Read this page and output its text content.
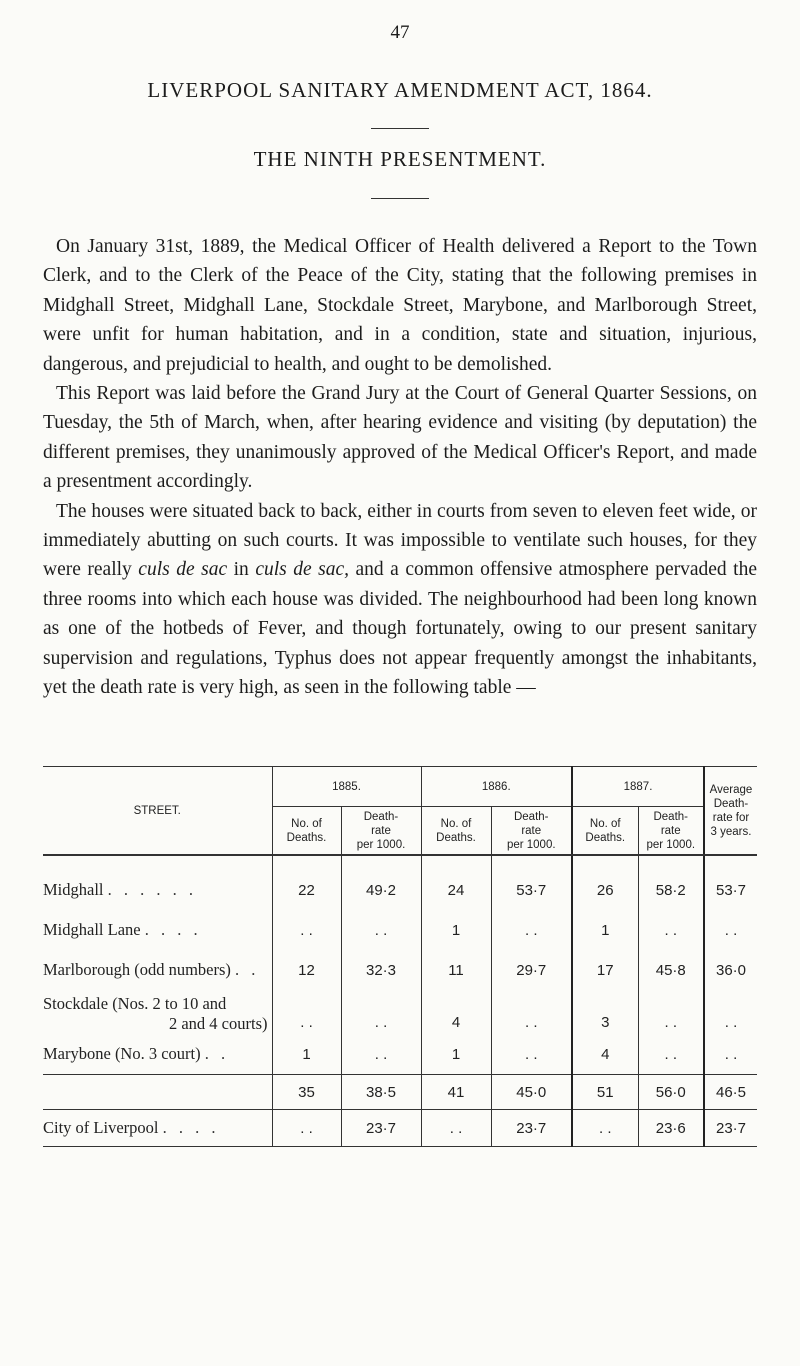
47
LIVERPOOL SANITARY AMENDMENT ACT, 1864.
THE NINTH PRESENTMENT.

On January 31st, 1889, the Medical Officer of Health delivered a Report to the Town Clerk, and to the Clerk of the Peace of the City, stating that the following premises in Midghall Street, Midghall Lane, Stockdale Street, Marybone, and Marlborough Street, were unfit for human habitation, and in a condition, state and situation, injurious, dangerous, and prejudicial to health, and ought to be demolished.

This Report was laid before the Grand Jury at the Court of General Quarter Sessions, on Tuesday, the 5th of March, when, after hearing evidence and visiting (by deputation) the different premises, they unanimously approved of the Medical Officer's Report, and made a presentment accordingly.

The houses were situated back to back, either in courts from seven to eleven feet wide, or immediately abutting on such courts. It was impossible to ventilate such houses, for they were really culs de sac in culs de sac, and a common offensive atmosphere pervaded the three rooms into which each house was divided. The neighbourhood had been long known as one of the hotbeds of Fever, and though fortunately, owing to our present sanitary supervision and regulations, Typhus does not appear frequently amongst the inhabitants, yet the death rate is very high, as seen in the following table —

STREET.	1885.		1886.		1887.		Average
Death-
rate for
3 years.
	No. of
Deaths.	Death-
rate
per 1000.	No. of
Deaths.	Death-
rate
per 1000.	No. of
Deaths.	Death-
rate
per 1000.	
Midghall . . . . . .	22	49·2	24	53·7	26	58·2	53·7
Midghall Lane . . . .	. .	. .	1	. .	1	. .	. .
Marlborough (odd numbers) . .	12	32·3	11	29·7	17	45·8	36·0
Stockdale (Nos. 2 to 10 and
2 and 4 courts)	. .	. .	4	. .	3	. .	. .
Marybone (No. 3 court) . .	1	. .	1	. .	4	. .	. .
	35	38·5	41	45·0	51	56·0	46·5
City of Liverpool . . . .	. .	23·7	. .	23·7	. .	23·6	23·7
